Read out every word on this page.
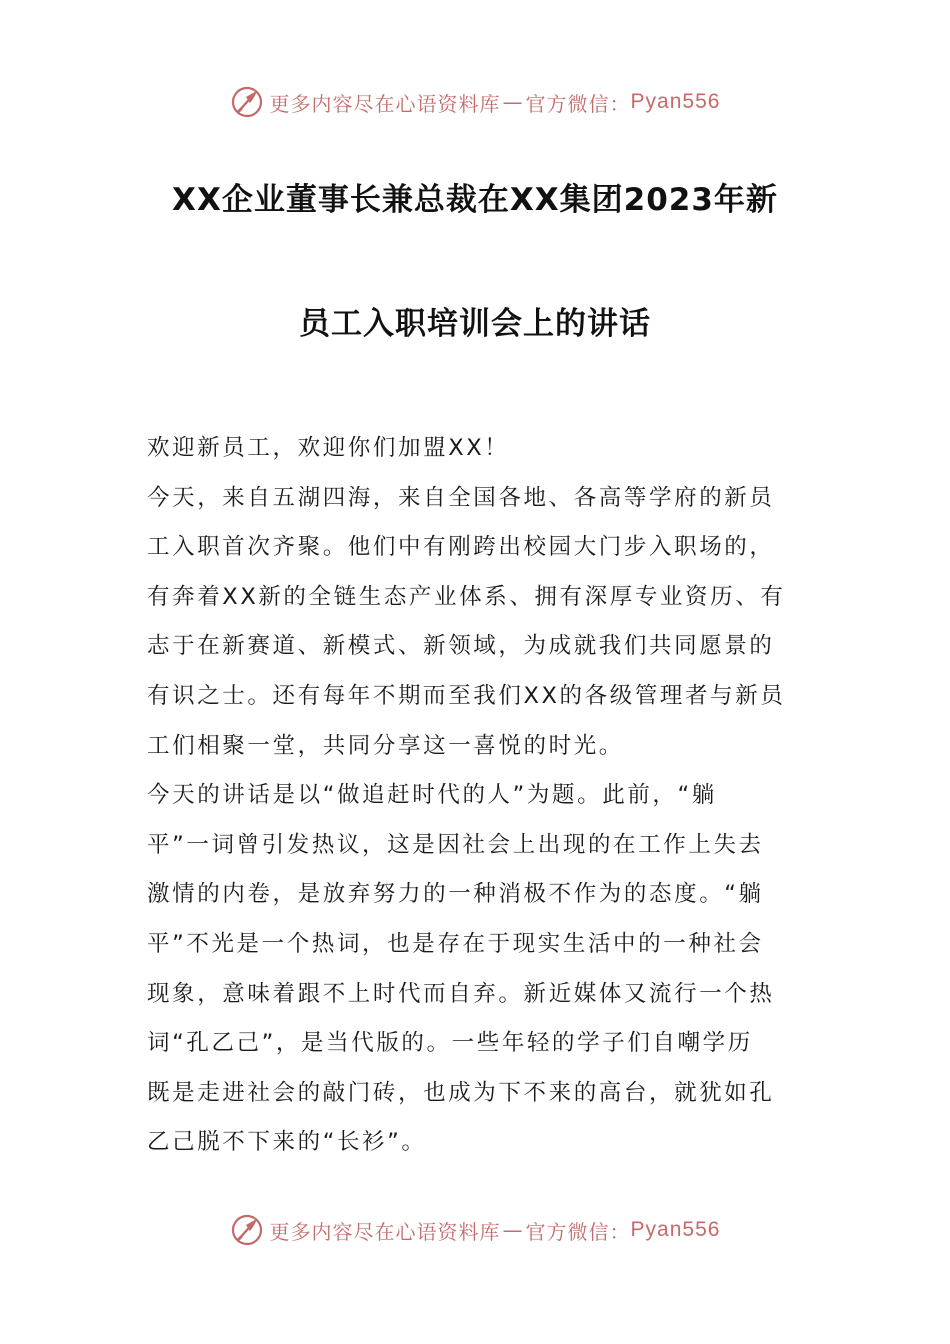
更多内容尽在心语资料库 — 官方微信： Pyan556
XX企业董事长兼总裁在XX集团2023年新
员工入职培训会上的讲话

欢迎新员工，欢迎你们加盟XX！

今天，来自五湖四海，来自全国各地、各高等学府的新员

工入职首次齐聚。他们中有刚跨出校园大门步入职场的，

有奔着XX新的全链生态产业体系、拥有深厚专业资历、有

志于在新赛道、新模式、新领域，为成就我们共同愿景的

有识之士。还有每年不期而至我们XX的各级管理者与新员

工们相聚一堂，共同分享这一喜悦的时光。

今天的讲话是以“做追赶时代的人”为题。此前，“躺

平”一词曾引发热议，这是因社会上出现的在工作上失去

激情的内卷，是放弃努力的一种消极不作为的态度。“躺

平”不光是一个热词，也是存在于现实生活中的一种社会

现象，意味着跟不上时代而自弃。新近媒体又流行一个热

词“孔乙己”，是当代版的。一些年轻的学子们自嘲学历

既是走进社会的敲门砖，也成为下不来的高台，就犹如孔

乙己脱不下来的“长衫”。

更多内容尽在心语资料库 — 官方微信： Pyan556
